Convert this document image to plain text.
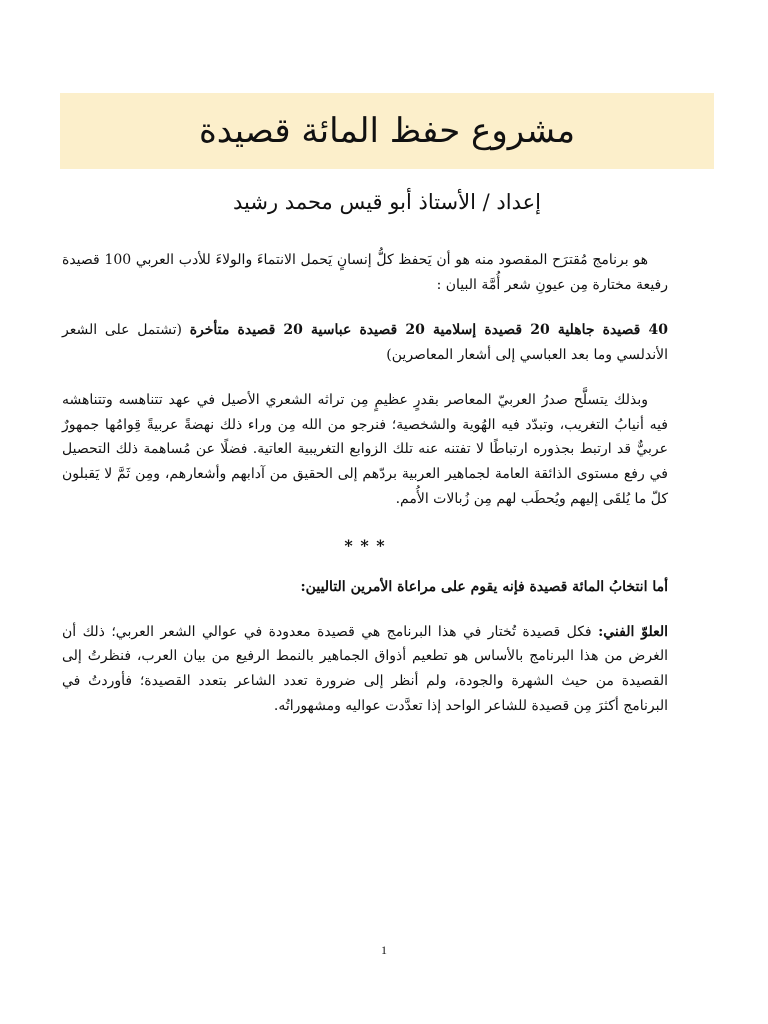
مشروع حفظ المائة قصيدة
إعداد / الأستاذ أبو قيس محمد رشيد

هو برنامج مُقترَح المقصود منه هو أن يَحفظ كلُّ إنسانٍ يَحمل الانتماءَ والولاءَ للأدب العربي 100 قصيدة رفيعة مختارة مِن عيونِ شعر أُمَّة البيان :

40 قصيدة جاهلية 20 قصيدة إسلامية 20 قصيدة عباسية 20 قصيدة متأخرة (تشتمل على الشعر الأندلسي وما بعد العباسي إلى أشعار المعاصرين)

وبذلك يتسلَّح صدرُ العربيّ المعاصر بقدرٍ عظيمٍ مِن تراثه الشعري الأصيل في عهد تتناهسه وتتناهشه فيه أنيابُ التغريب، وتبدّد فيه الهُوية والشخصية؛ فنرجو من الله مِن وراء ذلك نهضةً عربيةً قِوامُها جمهورٌ عربيٌّ قد ارتبط بجذوره ارتباطًا لا تفتنه عنه تلك الزوابع التغريبية العاتية. فضلًا عن مُساهمة ذلك التحصيل في رفع مستوى الذائقة العامة لجماهير العربية بردّهم إلى الحقيق من آدابهم وأشعارهم، ومِن ثَمَّ لا يَقبلون كلّ ما يُلقَى إليهم ويُحطَب لهم مِن زُبالات الأُمم.

* * *

أما انتخابُ المائة قصيدة فإنه يقوم على مراعاة الأمرين التاليين:

العلوّ الفني: فكل قصيدة تُختار في هذا البرنامج هي قصيدة معدودة في عوالي الشعر العربي؛ ذلك أن الغرض من هذا البرنامج بالأساس هو تطعيم أذواق الجماهير بالنمط الرفيع من بيان العرب، فنظرتُ إلى القصيدة من حيث الشهرة والجودة، ولم أنظر إلى ضرورة تعدد الشاعر بتعدد القصيدة؛ فأوردتُ في البرنامج أكثرَ مِن قصيدة للشاعر الواحد إذا تعدَّدت عواليه ومشهوراتُه.

1
